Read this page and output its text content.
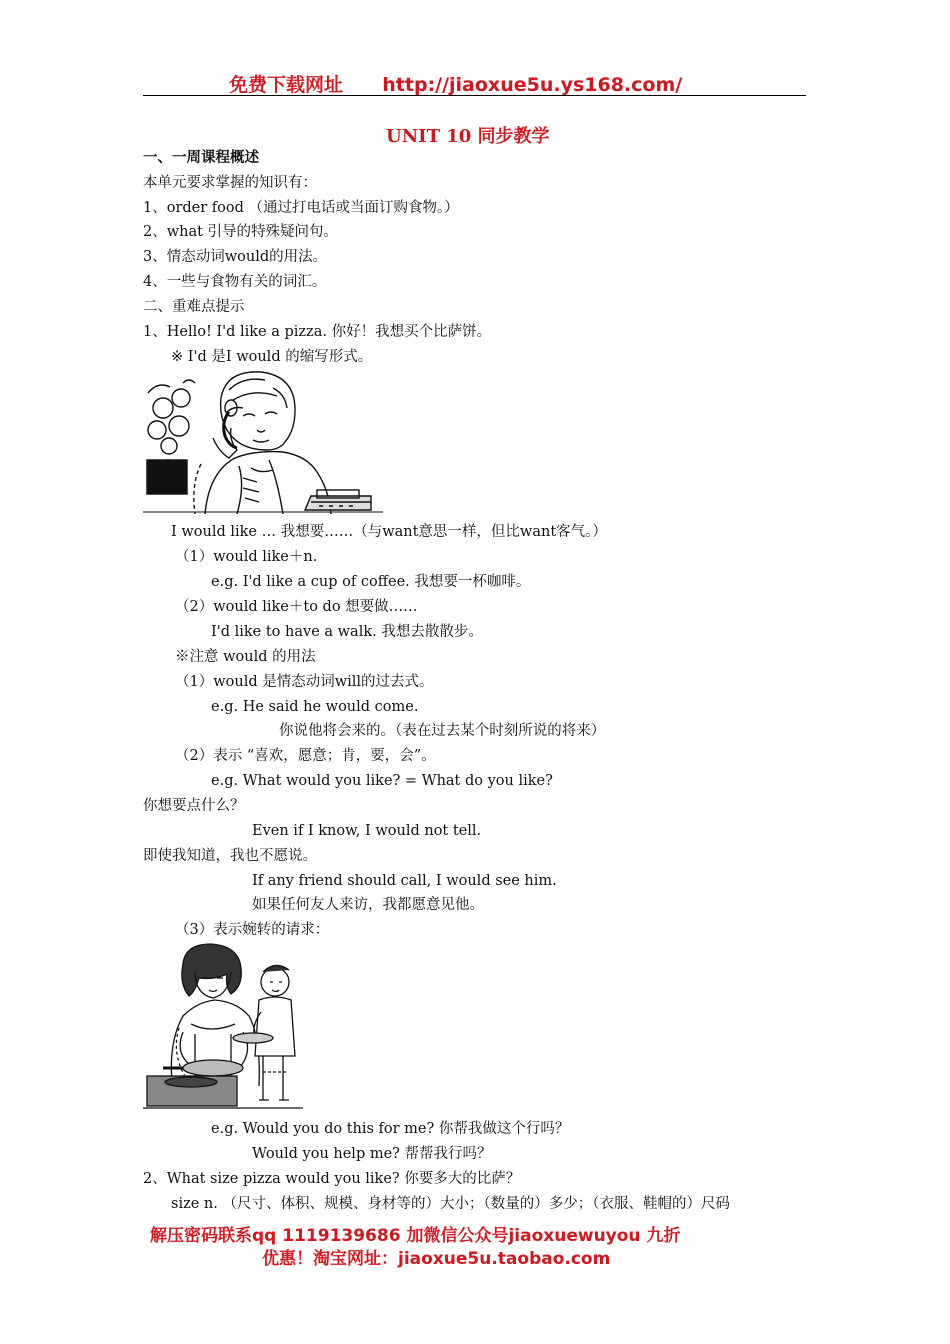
免费下载网址 http://jiaoxue5u.ys168.com/
UNIT 10 同步教学
一、一周课程概述
本单元要求掌握的知识有：
1、order food （通过打电话或当面订购食物。）
2、what 引导的特殊疑问句。
3、情态动词would的用法。
4、一些与食物有关的词汇。
二、重难点提示
1、Hello! I'd like a pizza. 你好！我想买个比萨饼。
※ I'd 是I would 的缩写形式。
I would like … 我想要……（与want意思一样，但比want客气。）
（1）would like＋n.
e.g. I'd like a cup of coffee. 我想要一杯咖啡。
（2）would like＋to do 想要做……
I'd like to have a walk. 我想去散散步。
※注意 would 的用法
（1）would 是情态动词will的过去式。
e.g. He said he would come.
你说他将会来的。（表在过去某个时刻所说的将来）
（2）表示 “喜欢，愿意；肯，要，会”。
e.g. What would you like? = What do you like?
你想要点什么？
Even if I know, I would not tell.
即使我知道，我也不愿说。
If any friend should call, I would see him.
如果任何友人来访，我都愿意见他。
（3）表示婉转的请求：
e.g. Would you do this for me? 你帮我做这个行吗？
Would you help me? 帮帮我行吗？
2、What size pizza would you like? 你要多大的比萨？
size n. （尺寸、体积、规模、身材等的）大小；（数量的）多少；（衣服、鞋帽的）尺码
解压密码联系qq 1119139686 加微信公众号jiaoxuewuyou 九折
优惠！淘宝网址：jiaoxue5u.taobao.com
